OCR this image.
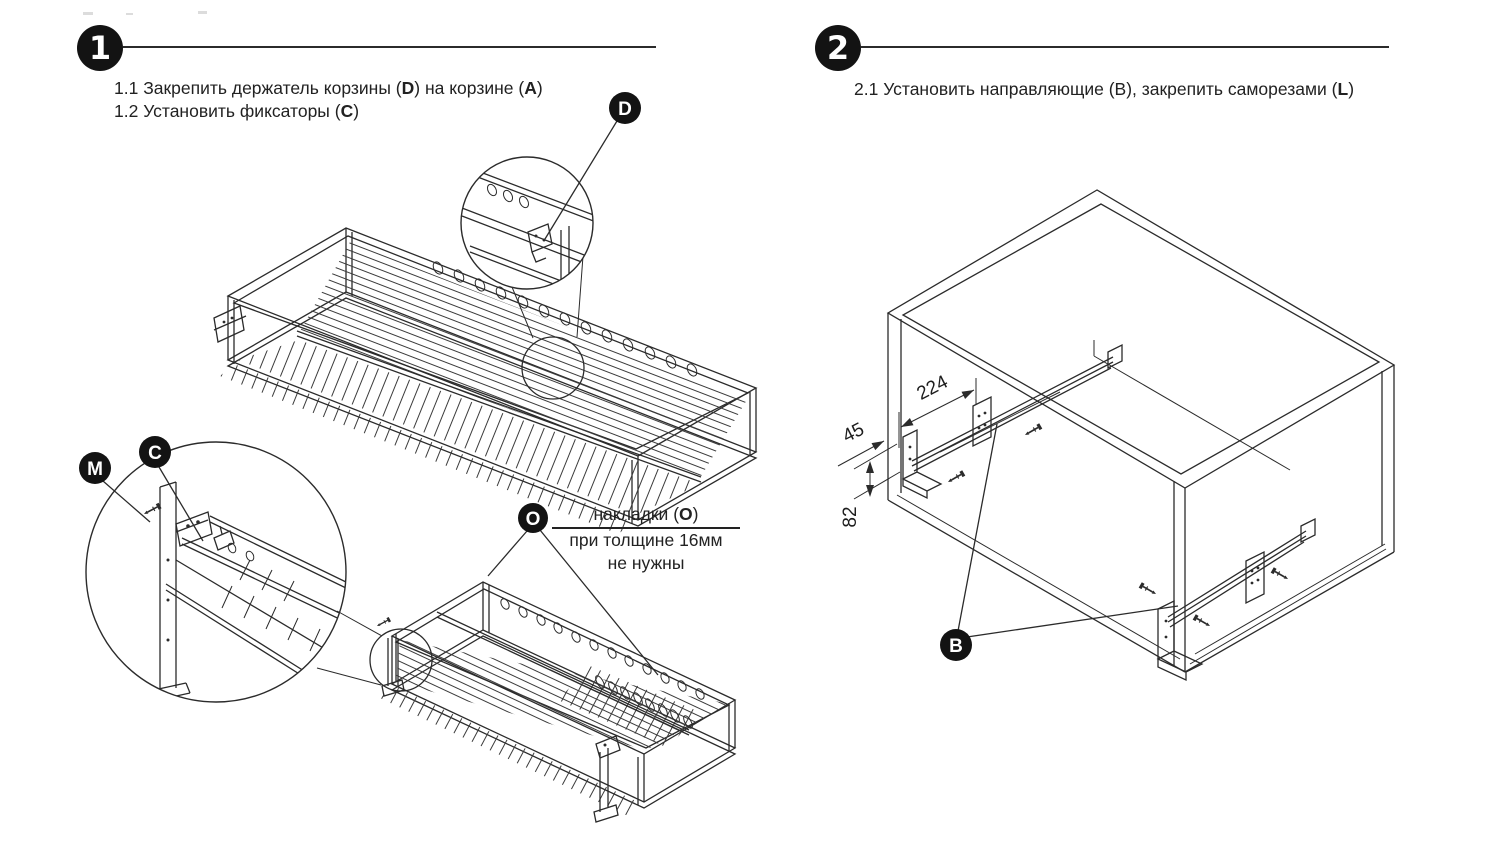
D
M
C
O
224
45
82
B
1	2
1.1 Закрепить держатель корзины (D) на корзине (A)
1.2 Установить фиксаторы (C)
2.1 Установить направляющие (В), закрепить саморезами (L)
накладки (O)
при толщине 16мм
не нужны
